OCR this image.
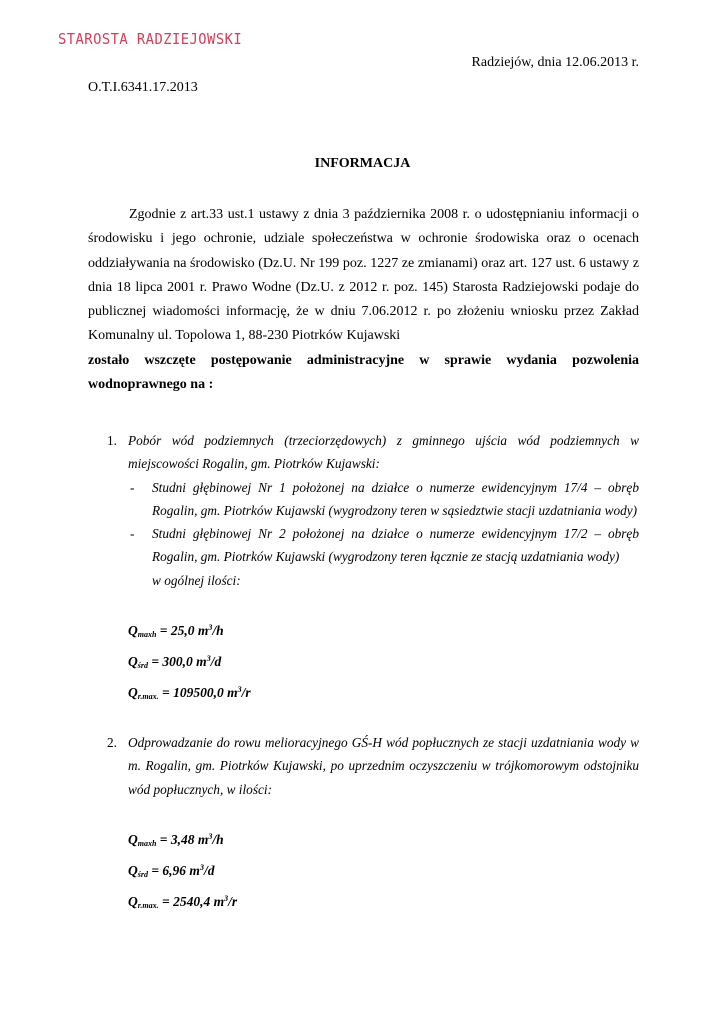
STAROSTA RADZIEJOWSKI
Radziejów, dnia 12.06.2013 r.
O.T.I.6341.17.2013
INFORMACJA

Zgodnie z art.33 ust.1 ustawy z dnia 3 października 2008 r. o udostępnianiu informacji o środowisku i jego ochronie, udziale społeczeństwa w ochronie środowiska oraz o ocenach oddziaływania na środowisko (Dz.U. Nr 199 poz. 1227 ze zmianami) oraz art. 127 ust. 6 ustawy z dnia 18 lipca 2001 r. Prawo Wodne (Dz.U. z 2012 r. poz. 145) Starosta Radziejowski podaje do publicznej wiadomości informację, że w dniu 7.06.2012 r. po złożeniu wniosku przez Zakład Komunalny ul. Topolowa 1, 88-230 Piotrków Kujawski

zostało wszczęte postępowanie administracyjne w sprawie wydania pozwolenia wodnoprawnego na :

1. Pobór wód podziemnych (trzeciorzędowych) z gminnego ujścia wód podziemnych w miejscowości Rogalin, gm. Piotrków Kujawski:
- Studni głębinowej Nr 1 położonej na działce o numerze ewidencyjnym 17/4 – obręb Rogalin, gm. Piotrków Kujawski (wygrodzony teren w sąsiedztwie stacji uzdatniania wody)
- Studni głębinowej Nr 2 położonej na działce o numerze ewidencyjnym 17/2 – obręb Rogalin, gm. Piotrków Kujawski (wygrodzony teren łącznie ze stacją uzdatniania wody)
w ogólnej ilości:
$Q_{maxh} = 25,0$ $m^3/h$
$Q_{śrd} = 300,0$ $m^3/d$
$Q_{r.max.} = 109500,0$ $m^3/r$
2. Odprowadzanie do rowu melioracyjnego GŚ-H wód popłucznych ze stacji uzdatniania wody w m. Rogalin, gm. Piotrków Kujawski, po uprzednim oczyszczeniu w trójkomorowym odstojniku wód popłucznych, w ilości:
$Q_{maxh} = 3,48$ $m^3/h$
$Q_{śrd} = 6,96$ $m^3/d$
$Q_{r.max.} = 2540,4$ $m^3/r$
